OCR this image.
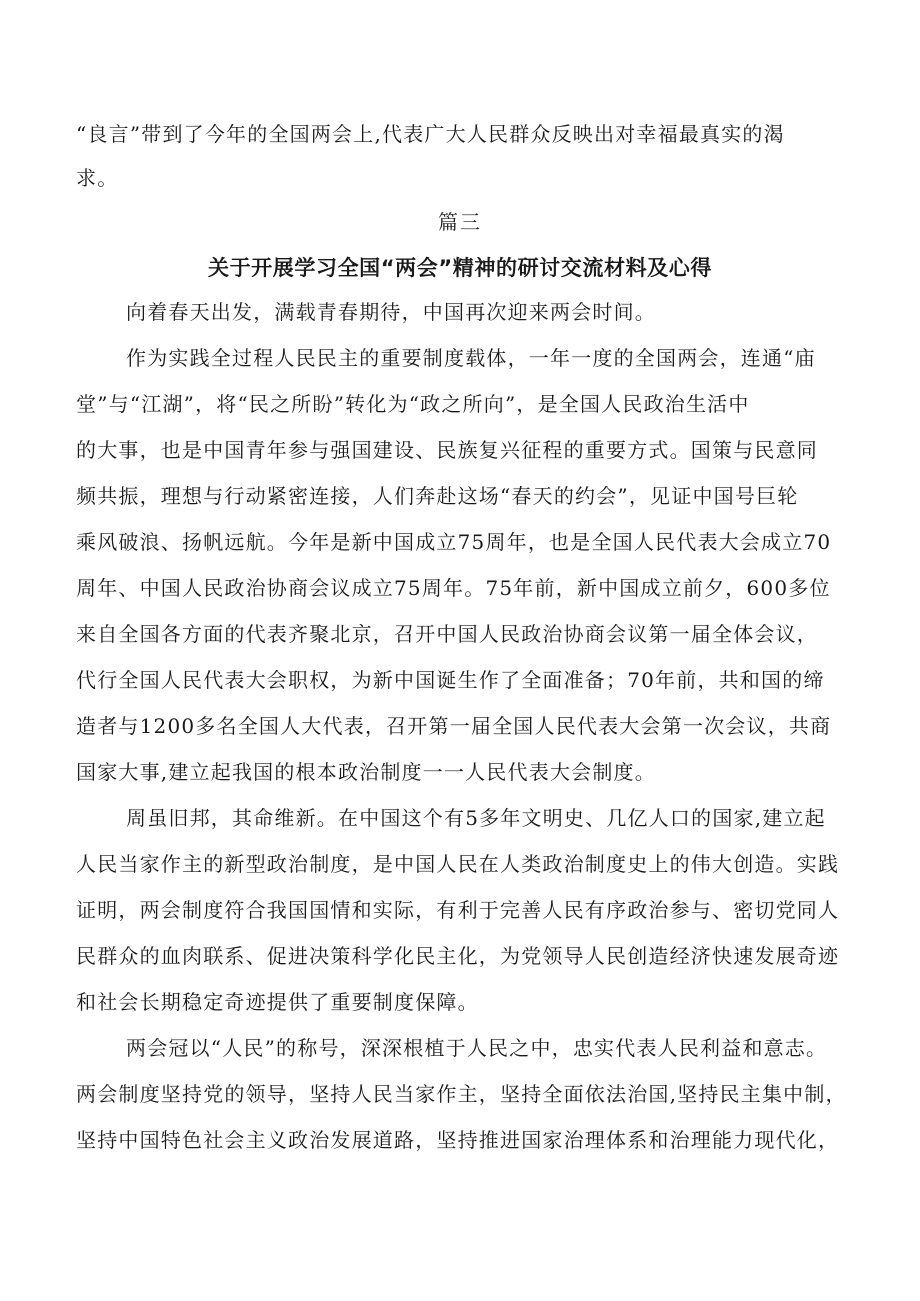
“良言”带到了今年的全国两会上,代表广大人民群众反映出对幸福最真实的渴
求。
篇三
关于开展学习全国“两会”精神的研讨交流材料及心得
向着春天出发，满载青春期待，中国再次迎来两会时间。
作为实践全过程人民民主的重要制度载体，一年一度的全国两会，连通“庙
堂”与“江湖”，将“民之所盼”转化为“政之所向”，是全国人民政治生活中
的大事，也是中国青年参与强国建设、民族复兴征程的重要方式。国策与民意同
频共振，理想与行动紧密连接，人们奔赴这场“春天的约会”，见证中国号巨轮
乘风破浪、扬帆远航。今年是新中国成立75周年，也是全国人民代表大会成立70
周年、中国人民政治协商会议成立75周年。75年前，新中国成立前夕，600多位
来自全国各方面的代表齐聚北京，召开中国人民政治协商会议第一届全体会议，
代行全国人民代表大会职权，为新中国诞生作了全面准备；70年前，共和国的缔
造者与1200多名全国人大代表，召开第一届全国人民代表大会第一次会议，共商
国家大事,建立起我国的根本政治制度一一人民代表大会制度。
周虽旧邦，其命维新。在中国这个有5多年文明史、几亿人口的国家,建立起
人民当家作主的新型政治制度，是中国人民在人类政治制度史上的伟大创造。实践
证明，两会制度符合我国国情和实际，有利于完善人民有序政治参与、密切党同人
民群众的血肉联系、促进决策科学化民主化，为党领导人民创造经济快速发展奇迹
和社会长期稳定奇迹提供了重要制度保障。
两会冠以“人民”的称号，深深根植于人民之中，忠实代表人民利益和意志。
两会制度坚持党的领导，坚持人民当家作主，坚持全面依法治国,坚持民主集中制，
坚持中国特色社会主义政治发展道路，坚持推进国家治理体系和治理能力现代化，
